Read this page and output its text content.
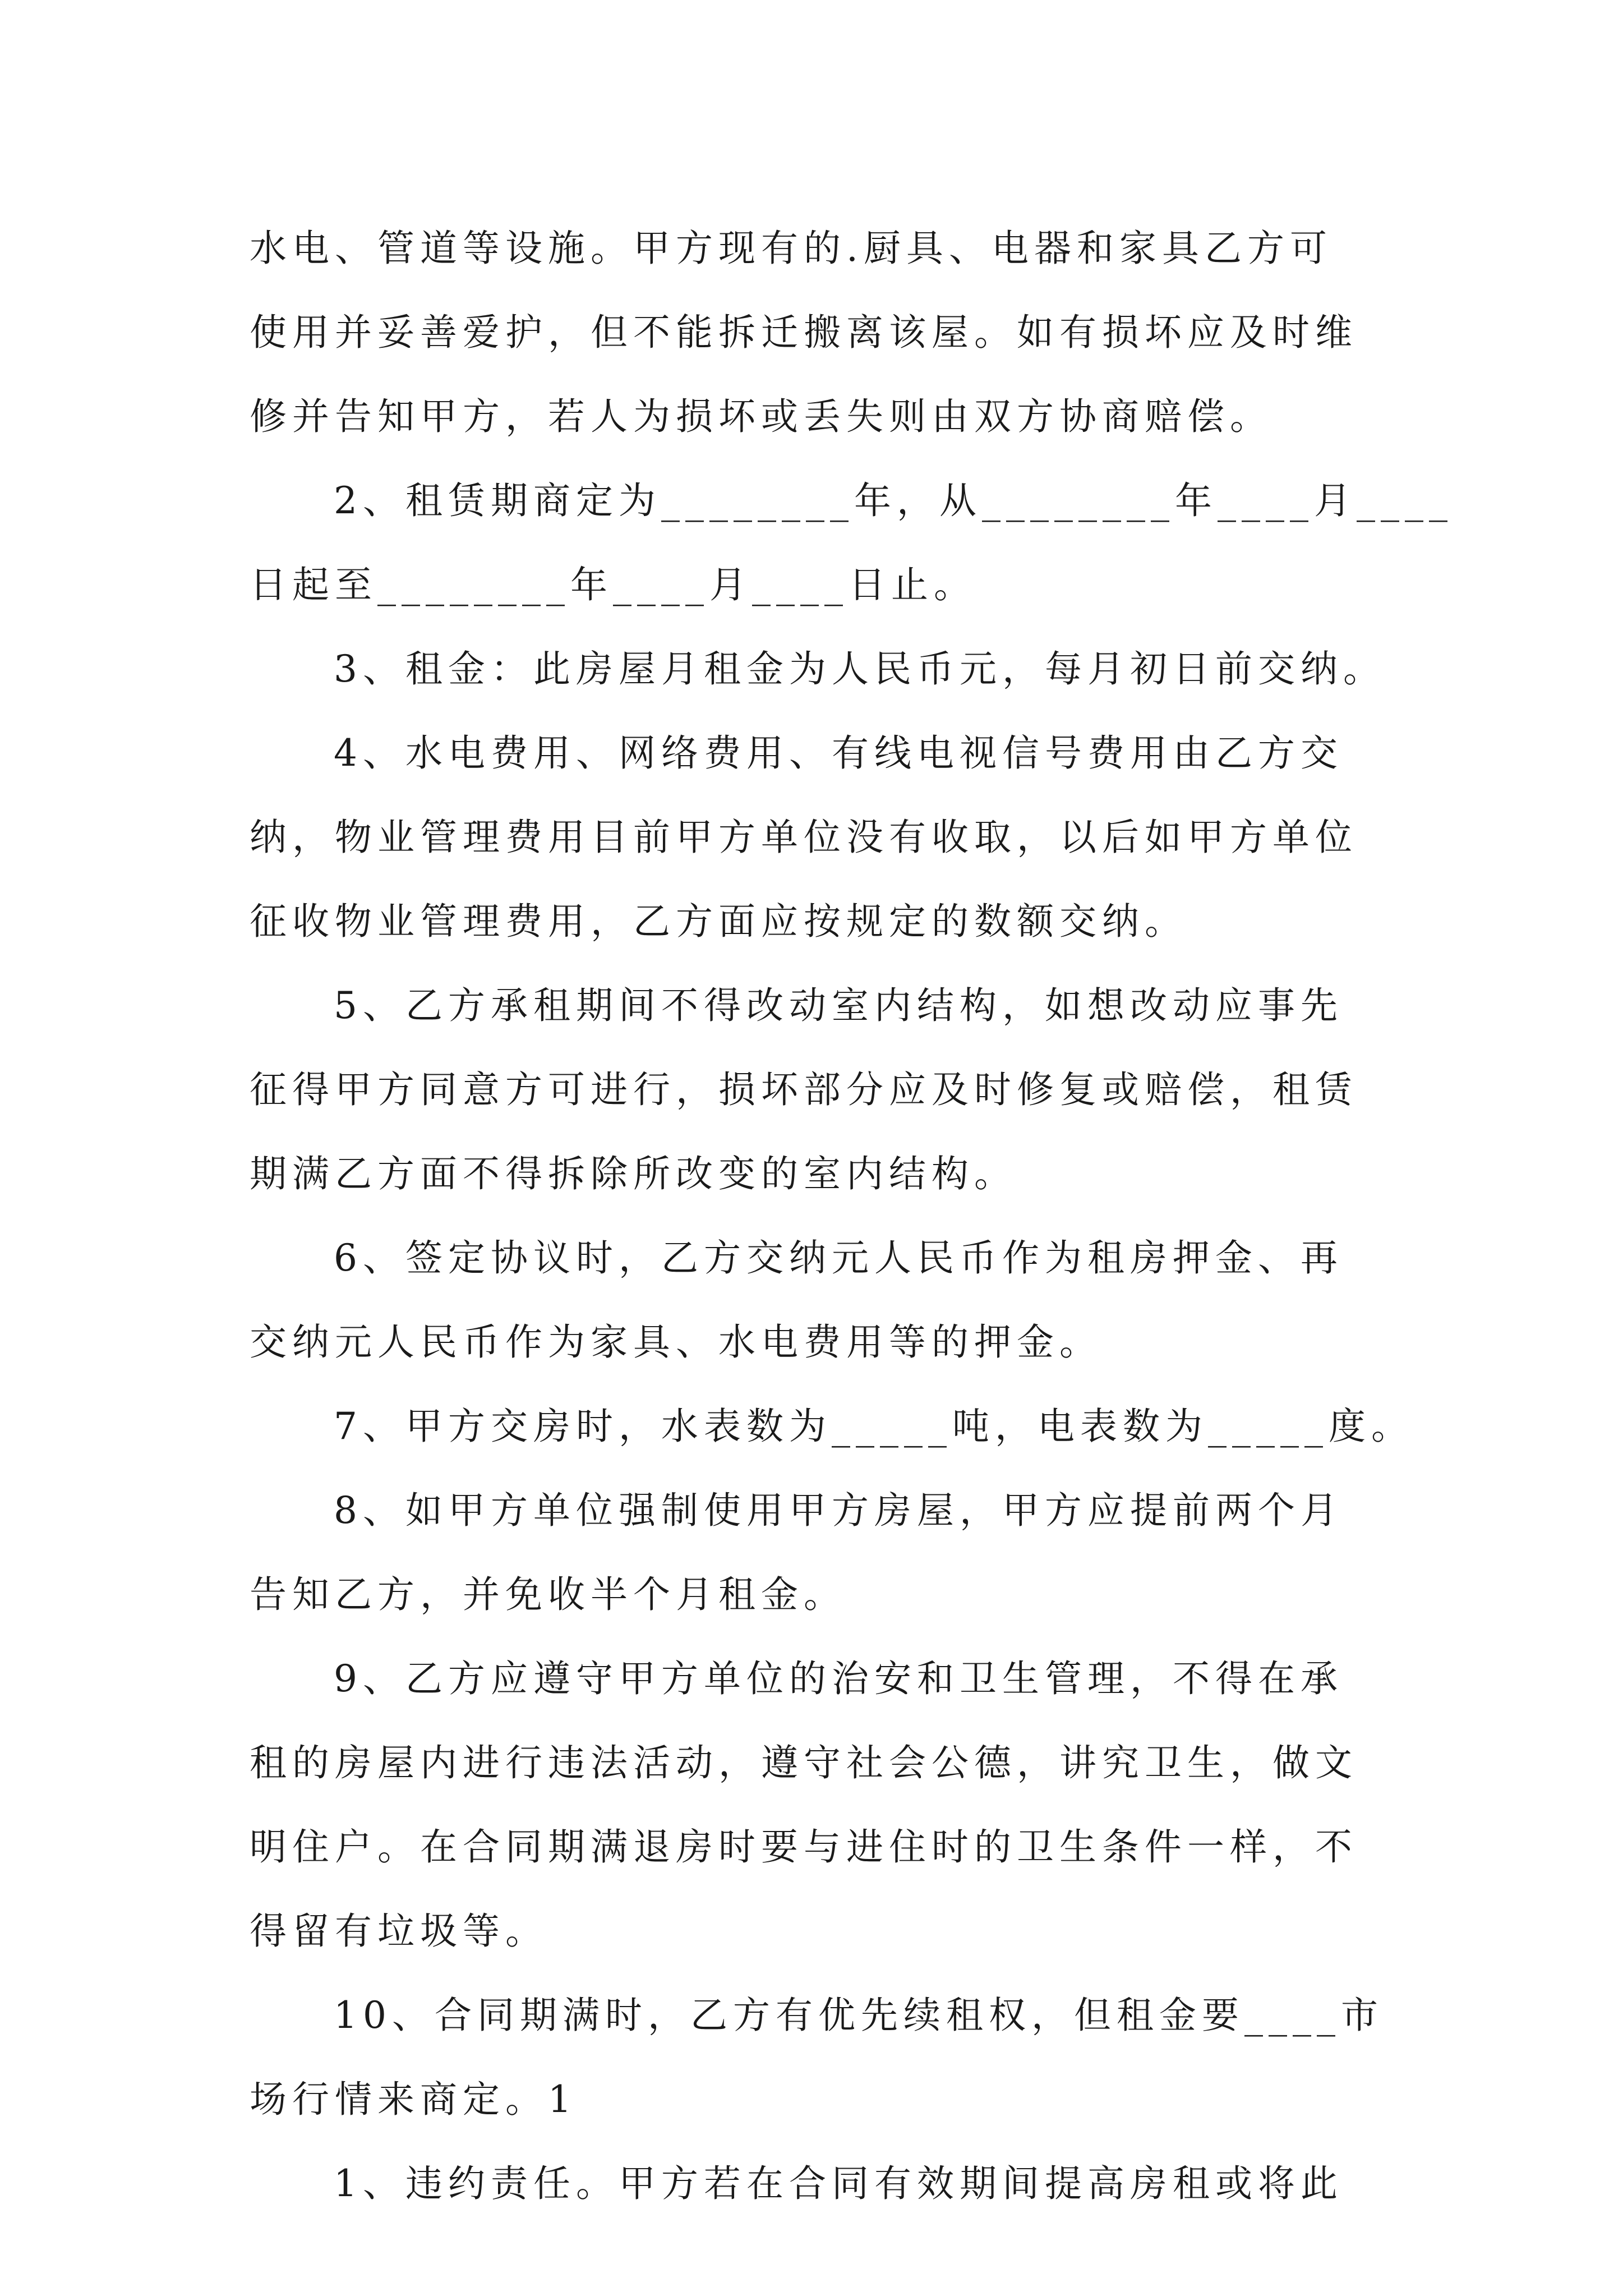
水电、管道等设施。甲方现有的.厨具、电器和家具乙方可

使用并妥善爱护，但不能拆迁搬离该屋。如有损坏应及时维

修并告知甲方，若人为损坏或丢失则由双方协商赔偿。

2、租赁期商定为________年，从________年____月____

日起至________年____月____日止。

3、租金：此房屋月租金为人民币元，每月初日前交纳。

4、水电费用、网络费用、有线电视信号费用由乙方交

纳，物业管理费用目前甲方单位没有收取，以后如甲方单位

征收物业管理费用，乙方面应按规定的数额交纳。

5、乙方承租期间不得改动室内结构，如想改动应事先

征得甲方同意方可进行，损坏部分应及时修复或赔偿，租赁

期满乙方面不得拆除所改变的室内结构。

6、签定协议时，乙方交纳元人民币作为租房押金、再

交纳元人民币作为家具、水电费用等的押金。

7、甲方交房时，水表数为_____吨，电表数为_____度。

8、如甲方单位强制使用甲方房屋，甲方应提前两个月

告知乙方，并免收半个月租金。

9、乙方应遵守甲方单位的治安和卫生管理，不得在承

租的房屋内进行违法活动，遵守社会公德，讲究卫生，做文

明住户。在合同期满退房时要与进住时的卫生条件一样，不

得留有垃圾等。

10、合同期满时，乙方有优先续租权，但租金要____市

场行情来商定。1

1、违约责任。甲方若在合同有效期间提高房租或将此
